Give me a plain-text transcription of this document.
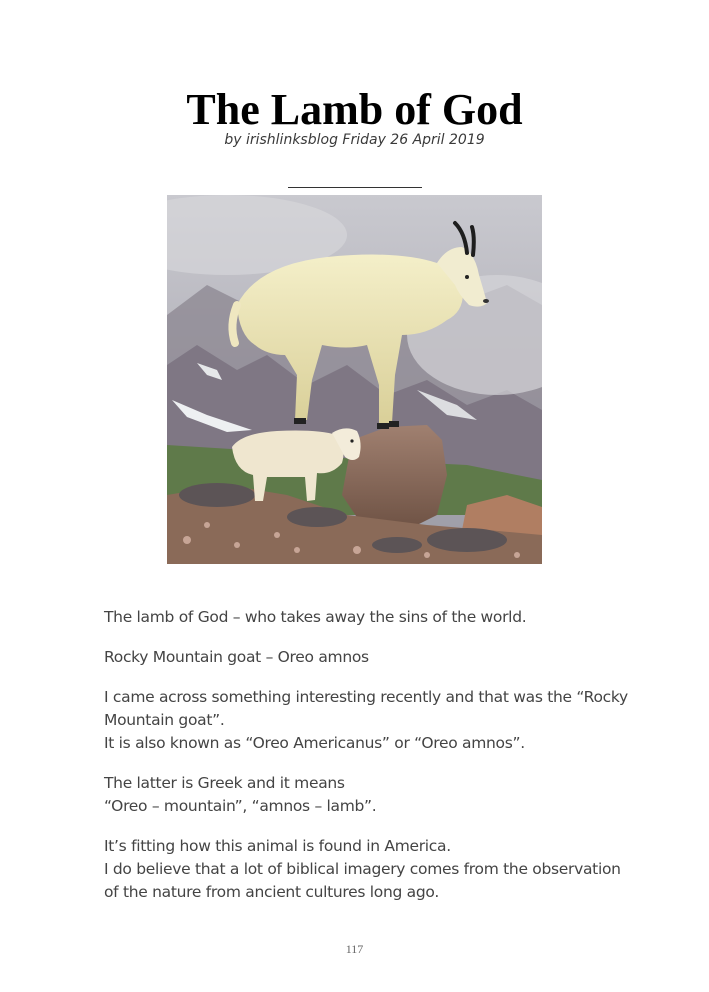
The Lamb of God
by irishlinksblog Friday 26 April 2019

The lamb of God – who takes away the sins of the world.

Rocky Mountain goat – Oreo amnos

I came across something interesting recently and that was the “Rocky

Mountain goat”.

It is also known as “Oreo Americanus” or “Oreo amnos”.

The latter is Greek and it means

“Oreo – mountain”, “amnos – lamb”.

It’s fitting how this animal is found in America.

I do believe that a lot of biblical imagery comes from the observation

of the nature from ancient cultures long ago.

117
